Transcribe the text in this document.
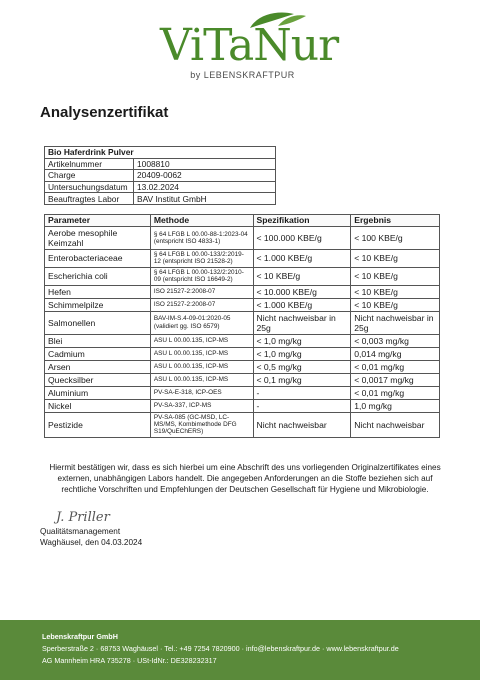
ViTaNur
by LEBENSKRAFTPUR
Analysenzertifikat
Bio Haferdrink Pulver	
Artikelnummer	1008810
Charge	20409-0062
Untersuchungsdatum	13.02.2024
Beauftragtes Labor	BAV Institut GmbH
Parameter	Methode	Spezifikation	Ergebnis
Aerobe mesophile Keimzahl	§ 64 LFGB L 00.00-88-1:2023-04 (entspricht ISO 4833-1)	< 100.000 KBE/g	< 100 KBE/g
Enterobacteriaceae	§ 64 LFGB L 00.00-133/2:2019-12 (entspricht ISO 21528-2)	< 1.000 KBE/g	< 10 KBE/g
Escherichia coli	§ 64 LFGB L 00.00-132/2:2010-09 (entspricht ISO 16649-2)	< 10 KBE/g	< 10 KBE/g
Hefen	ISO 21527-2:2008-07	< 10.000 KBE/g	< 10 KBE/g
Schimmelpilze	ISO 21527-2:2008-07	< 1.000 KBE/g	< 10 KBE/g
Salmonellen	BAV-IM-S.4-09-01:2020-05 (validiert gg. ISO 6579)	Nicht nachweisbar in 25g	Nicht nachweisbar in 25g
Blei	ASU L 00.00.135, ICP-MS	< 1,0 mg/kg	< 0,003 mg/kg
Cadmium	ASU L 00.00.135, ICP-MS	< 1,0 mg/kg	0,014 mg/kg
Arsen	ASU L 00.00.135, ICP-MS	< 0,5 mg/kg	< 0,01 mg/kg
Quecksilber	ASU L 00.00.135, ICP-MS	< 0,1 mg/kg	< 0,0017 mg/kg
Aluminium	PV-SA-E-318, ICP-OES	-	< 0,01 mg/kg
Nickel	PV-SA-337, ICP-MS	-	1,0 mg/kg
Pestizide	PV-SA-085 (GC-MSD, LC-MS/MS, Kombimethode DFG S19/QuEChERS)	Nicht nachweisbar	Nicht nachweisbar
Hiermit bestätigen wir, dass es sich hierbei um eine Abschrift des uns vorliegenden Originalzertifikates eines externen, unabhängigen Labors handelt. Die angegeben Anforderungen an die Stoffe beziehen sich auf rechtliche Vorschriften und Empfehlungen der Deutschen Gesellschaft für Hygiene und Mikrobiologie.
J. Priller
Qualitätsmanagement
Waghäusel, den 04.03.2024
Lebenskraftpur GmbH
Sperberstraße 2 · 68753 Waghäusel · Tel.: +49 7254 7820900 · info@lebenskraftpur.de · www.lebenskraftpur.de
AG Mannheim HRA 735278 · USt-IdNr.: DE328232317
